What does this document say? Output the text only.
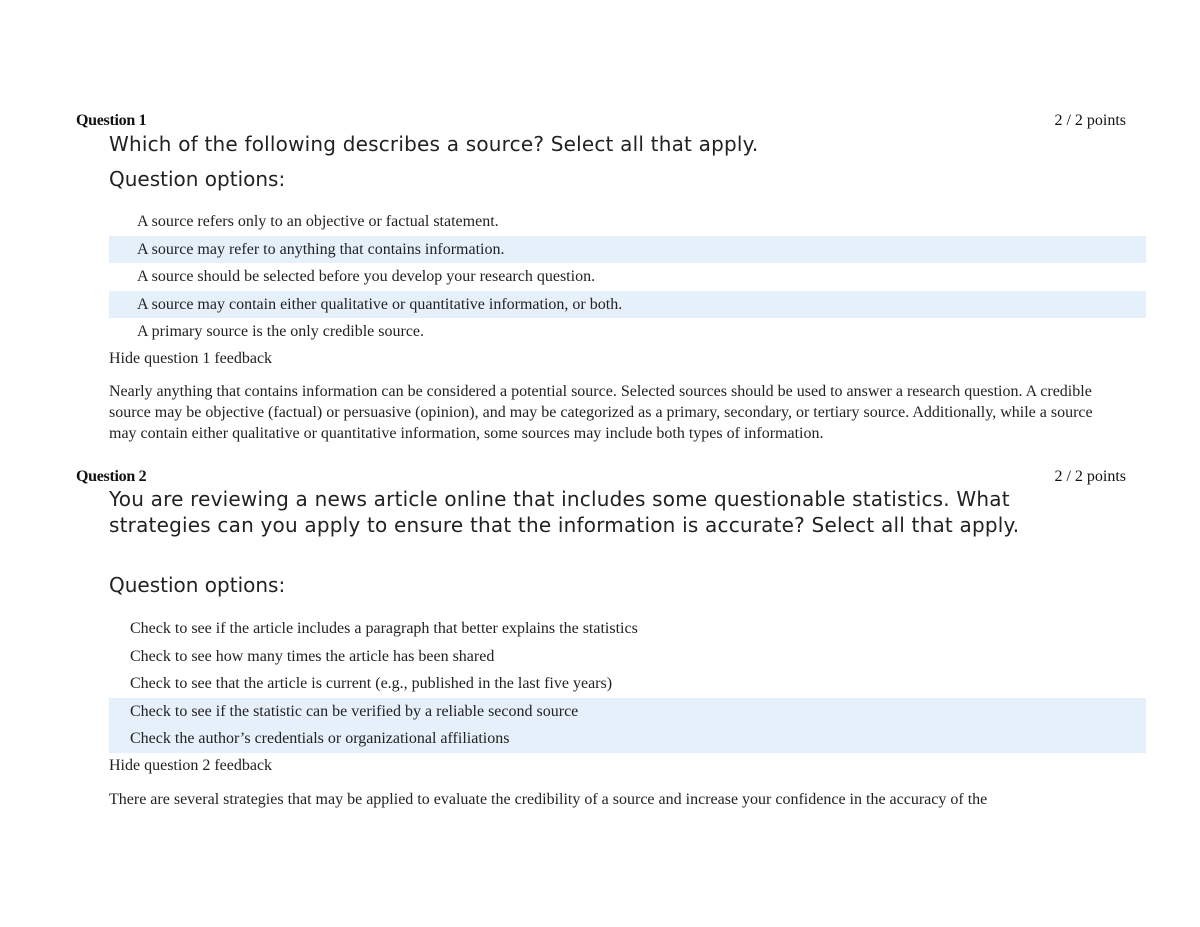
Question 1	2 / 2 points
Which of the following describes a source? Select all that apply.
Question options:
A source refers only to an objective or factual statement.
A source may refer to anything that contains information.
A source should be selected before you develop your research question.
A source may contain either qualitative or quantitative information, or both.
A primary source is the only credible source.
Hide question 1 feedback
Nearly anything that contains information can be considered a potential source. Selected sources should be used to answer a research question. A credible source may be objective (factual) or persuasive (opinion), and may be categorized as a primary, secondary, or tertiary source. Additionally, while a source may contain either qualitative or quantitative information, some sources may include both types of information.
Question 2	2 / 2 points
You are reviewing a news article online that includes some questionable statistics. What strategies can you apply to ensure that the information is accurate? Select all that apply.
Question options:
Check to see if the article includes a paragraph that better explains the statistics
Check to see how many times the article has been shared
Check to see that the article is current (e.g., published in the last five years)
Check to see if the statistic can be verified by a reliable second source
Check the author’s credentials or organizational affiliations
Hide question 2 feedback
There are several strategies that may be applied to evaluate the credibility of a source and increase your confidence in the accuracy of the
